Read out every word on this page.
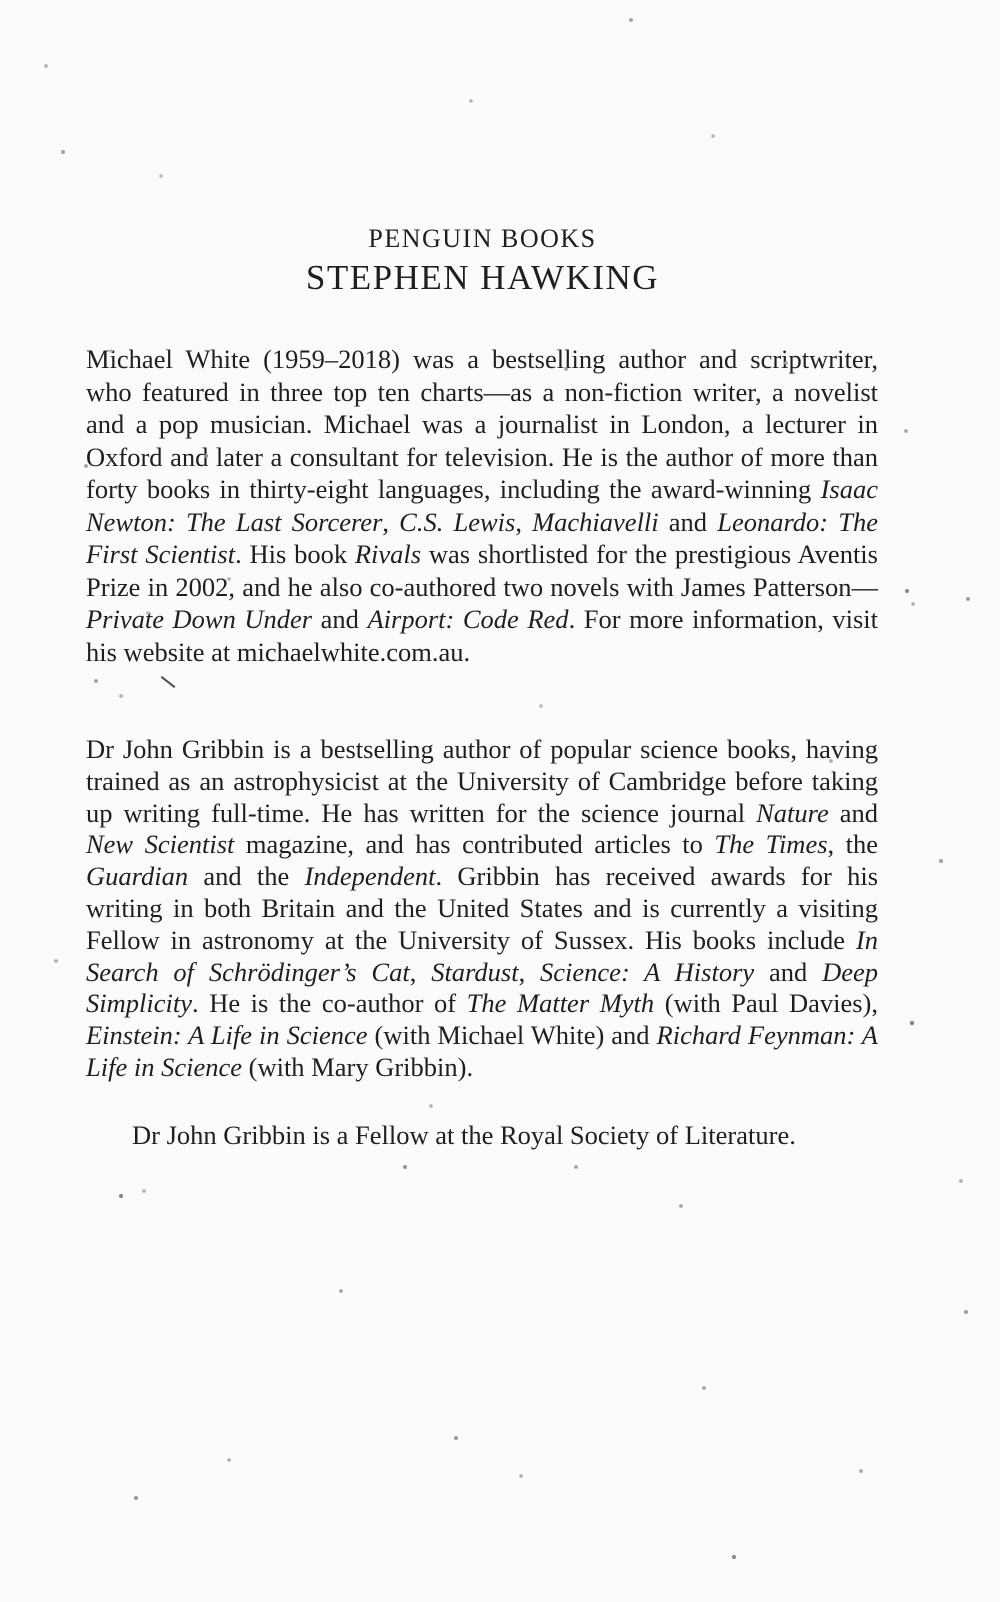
PENGUIN BOOKS
STEPHEN HAWKING
Michael White (1959–2018) was a bestselling author and scriptwriter, who featured in three top ten charts—as a non-fiction writer, a novelist and a pop musician. Michael was a journalist in London, a lecturer in Oxford and later a consultant for television. He is the author of more than forty books in thirty-eight languages, including the award-winning Isaac Newton: The Last Sorcerer, C.S. Lewis, Machiavelli and Leonardo: The First Scientist. His book Rivals was shortlisted for the prestigious Aventis Prize in 2002, and he also co-authored two novels with James Patterson—Private Down Under and Airport: Code Red. For more information, visit his website at michaelwhite.com.au.
Dr John Gribbin is a bestselling author of popular science books, having trained as an astrophysicist at the University of Cambridge before taking up writing full-time. He has written for the science journal Nature and New Scientist magazine, and has contributed articles to The Times, the Guardian and the Independent. Gribbin has received awards for his writing in both Britain and the United States and is currently a visiting Fellow in astronomy at the University of Sussex. His books include In Search of Schrödinger’s Cat, Stardust, Science: A History and Deep Simplicity. He is the co-author of The Matter Myth (with Paul Davies), Einstein: A Life in Science (with Michael White) and Richard Feynman: A Life in Science (with Mary Gribbin).
Dr John Gribbin is a Fellow at the Royal Society of Literature.
